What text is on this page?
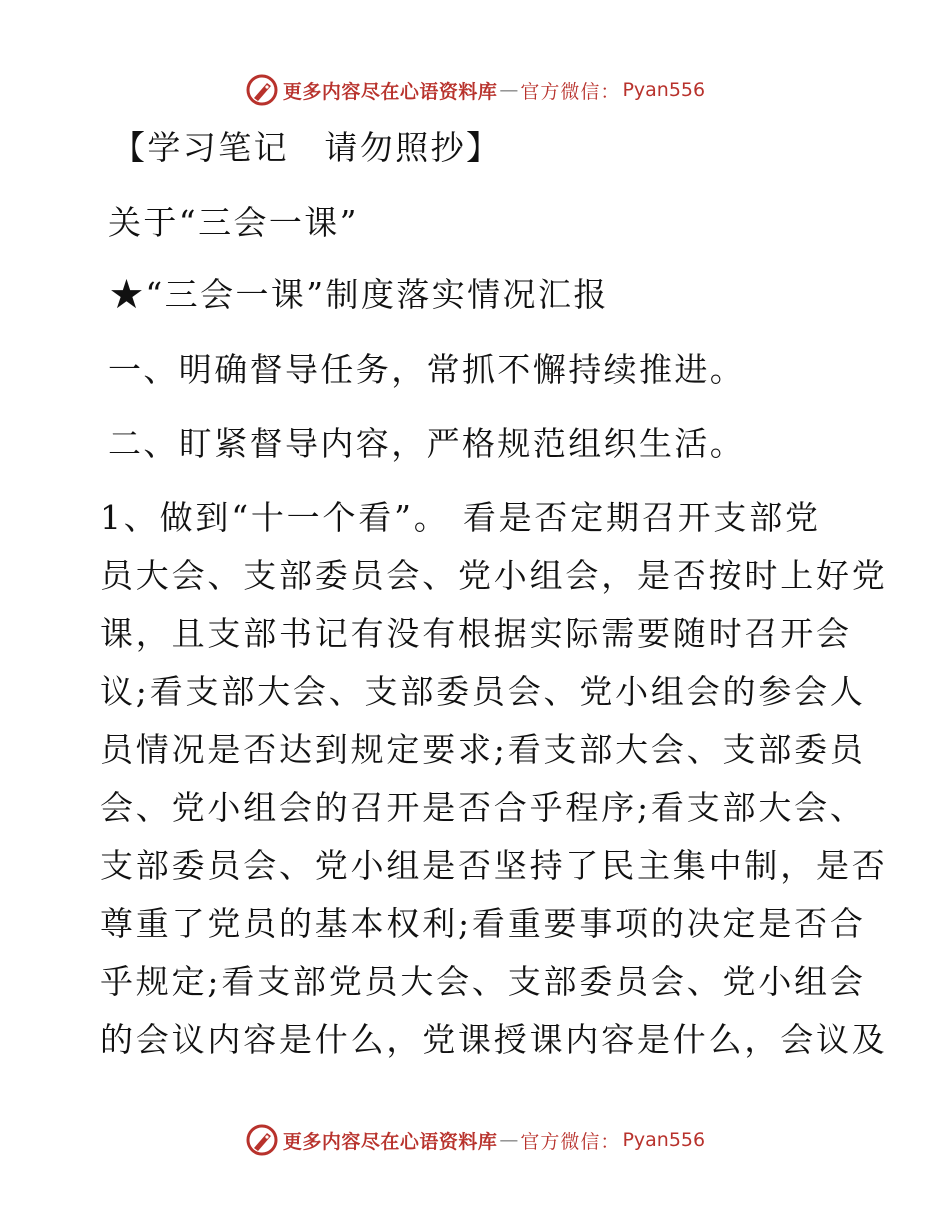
更多内容尽在心语资料库 — 官方微信： Pyan556
【学习笔记　请勿照抄】
关于“三会一课”
★“三会一课”制度落实情况汇报
一、明确督导任务，常抓不懈持续推进。
二、盯紧督导内容，严格规范组织生活。
1、做到“十一个看”。 看是否定期召开支部党
员大会、支部委员会、党小组会，是否按时上好党
课，且支部书记有没有根据实际需要随时召开会
议;看支部大会、支部委员会、党小组会的参会人
员情况是否达到规定要求;看支部大会、支部委员
会、党小组会的召开是否合乎程序;看支部大会、
支部委员会、党小组是否坚持了民主集中制，是否
尊重了党员的基本权利;看重要事项的决定是否合
乎规定;看支部党员大会、支部委员会、党小组会
的会议内容是什么，党课授课内容是什么，会议及
更多内容尽在心语资料库 — 官方微信： Pyan556
